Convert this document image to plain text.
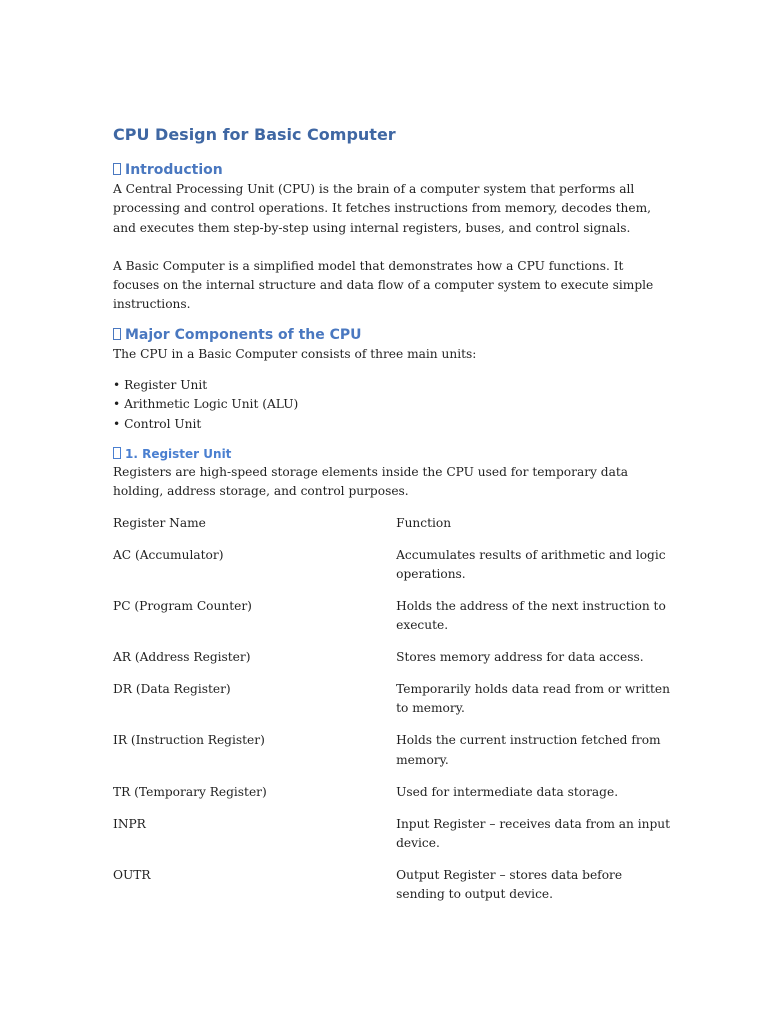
CPU Design for Basic Computer
Introduction

A Central Processing Unit (CPU) is the brain of a computer system that performs all processing and control operations. It fetches instructions from memory, decodes them, and executes them step-by-step using internal registers, buses, and control signals.

A Basic Computer is a simplified model that demonstrates how a CPU functions. It focuses on the internal structure and data flow of a computer system to execute simple instructions.

Major Components of the CPU

The CPU in a Basic Computer consists of three main units:

• Register Unit
• Arithmetic Logic Unit (ALU)
• Control Unit
1. Register Unit

Registers are high-speed storage elements inside the CPU used for temporary data holding, address storage, and control purposes.

Register Name	Function
AC (Accumulator)	Accumulates results of arithmetic and logic operations.
PC (Program Counter)	Holds the address of the next instruction to execute.
AR (Address Register)	Stores memory address for data access.
DR (Data Register)	Temporarily holds data read from or written to memory.
IR (Instruction Register)	Holds the current instruction fetched from memory.
TR (Temporary Register)	Used for intermediate data storage.
INPR	Input Register – receives data from an input device.
OUTR	Output Register – stores data before sending to output device.
